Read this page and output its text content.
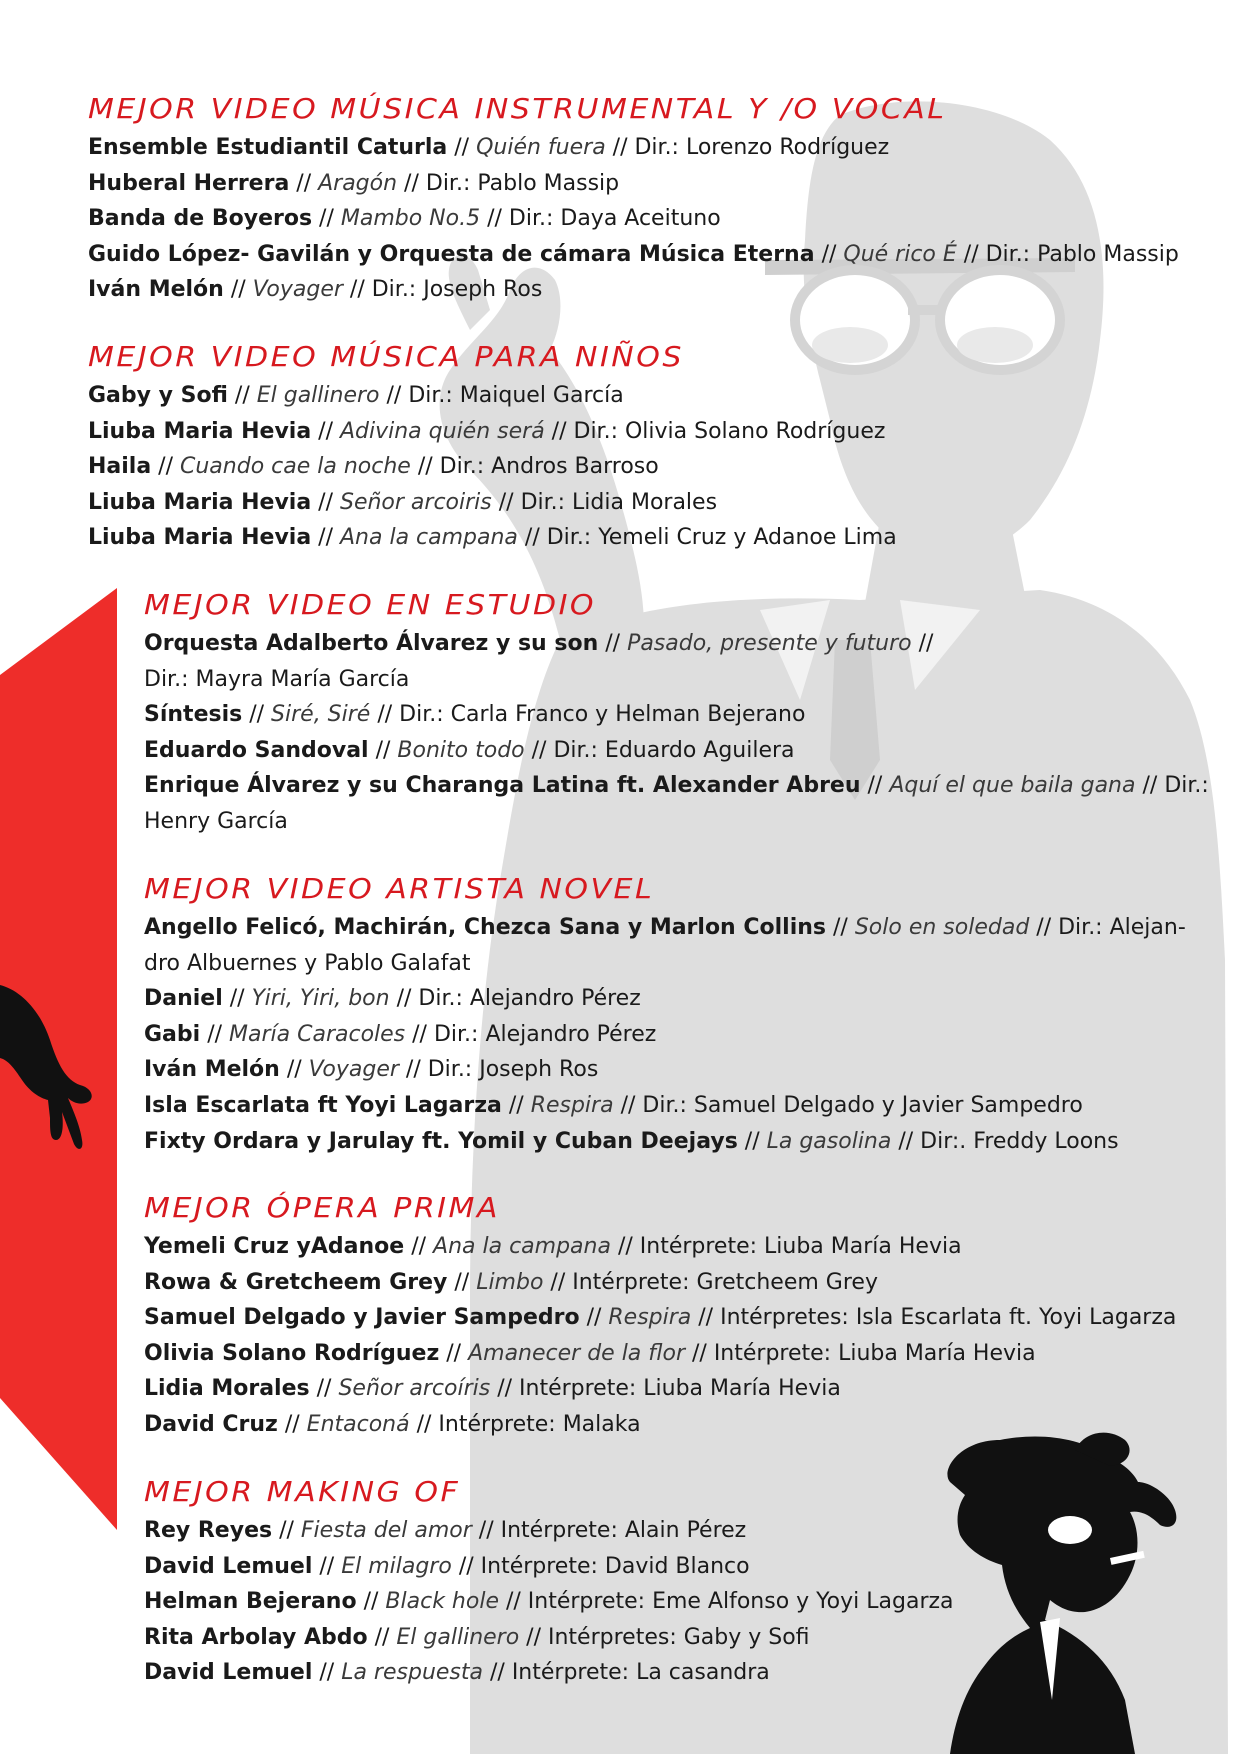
MEJOR VIDEO MÚSICA INSTRUMENTAL Y /O VOCAL

Ensemble Estudiantil Caturla // Quién fuera // Dir.: Lorenzo Rodríguez

Huberal Herrera // Aragón // Dir.: Pablo Massip

Banda de Boyeros // Mambo No.5 // Dir.: Daya Aceituno

Guido López- Gavilán y Orquesta de cámara Música Eterna // Qué rico É // Dir.: Pablo Massip

Iván Melón // Voyager // Dir.: Joseph Ros

MEJOR VIDEO MÚSICA PARA NIÑOS

Gaby y Sofi // El gallinero // Dir.: Maiquel García

Liuba Maria Hevia // Adivina quién será // Dir.: Olivia Solano Rodríguez

Haila // Cuando cae la noche // Dir.: Andros Barroso

Liuba Maria Hevia // Señor arcoiris // Dir.: Lidia Morales

Liuba Maria Hevia // Ana la campana // Dir.: Yemeli Cruz y Adanoe Lima

MEJOR VIDEO EN ESTUDIO

Orquesta Adalberto Álvarez y su son // Pasado, presente y futuro //

Dir.: Mayra María García

Síntesis // Siré, Siré // Dir.: Carla Franco y Helman Bejerano

Eduardo Sandoval // Bonito todo // Dir.: Eduardo Aguilera

Enrique Álvarez y su Charanga Latina ft. Alexander Abreu // Aquí el que baila gana // Dir.:

Henry García

MEJOR VIDEO ARTISTA NOVEL

Angello Felicó, Machirán, Chezca Sana y Marlon Collins // Solo en soledad // Dir.: Alejan-

dro Albuernes y Pablo Galafat

Daniel // Yiri, Yiri, bon // Dir.: Alejandro Pérez

Gabi // María Caracoles // Dir.: Alejandro Pérez

Iván Melón // Voyager // Dir.: Joseph Ros

Isla Escarlata ft Yoyi Lagarza // Respira // Dir.: Samuel Delgado y Javier Sampedro

Fixty Ordara y Jarulay ft. Yomil y Cuban Deejays // La gasolina // Dir:. Freddy Loons

MEJOR ÓPERA PRIMA

Yemeli Cruz yAdanoe // Ana la campana // Intérprete: Liuba María Hevia

Rowa & Gretcheem Grey // Limbo // Intérprete: Gretcheem Grey

Samuel Delgado y Javier Sampedro // Respira // Intérpretes: Isla Escarlata ft. Yoyi Lagarza

Olivia Solano Rodríguez // Amanecer de la flor // Intérprete: Liuba María Hevia

Lidia Morales // Señor arcoíris // Intérprete: Liuba María Hevia

David Cruz // Entaconá // Intérprete: Malaka

MEJOR MAKING OF

Rey Reyes // Fiesta del amor // Intérprete: Alain Pérez

David Lemuel // El milagro // Intérprete: David Blanco

Helman Bejerano // Black hole // Intérprete: Eme Alfonso y Yoyi Lagarza

Rita Arbolay Abdo // El gallinero // Intérpretes: Gaby y Sofi

David Lemuel // La respuesta // Intérprete: La casandra
